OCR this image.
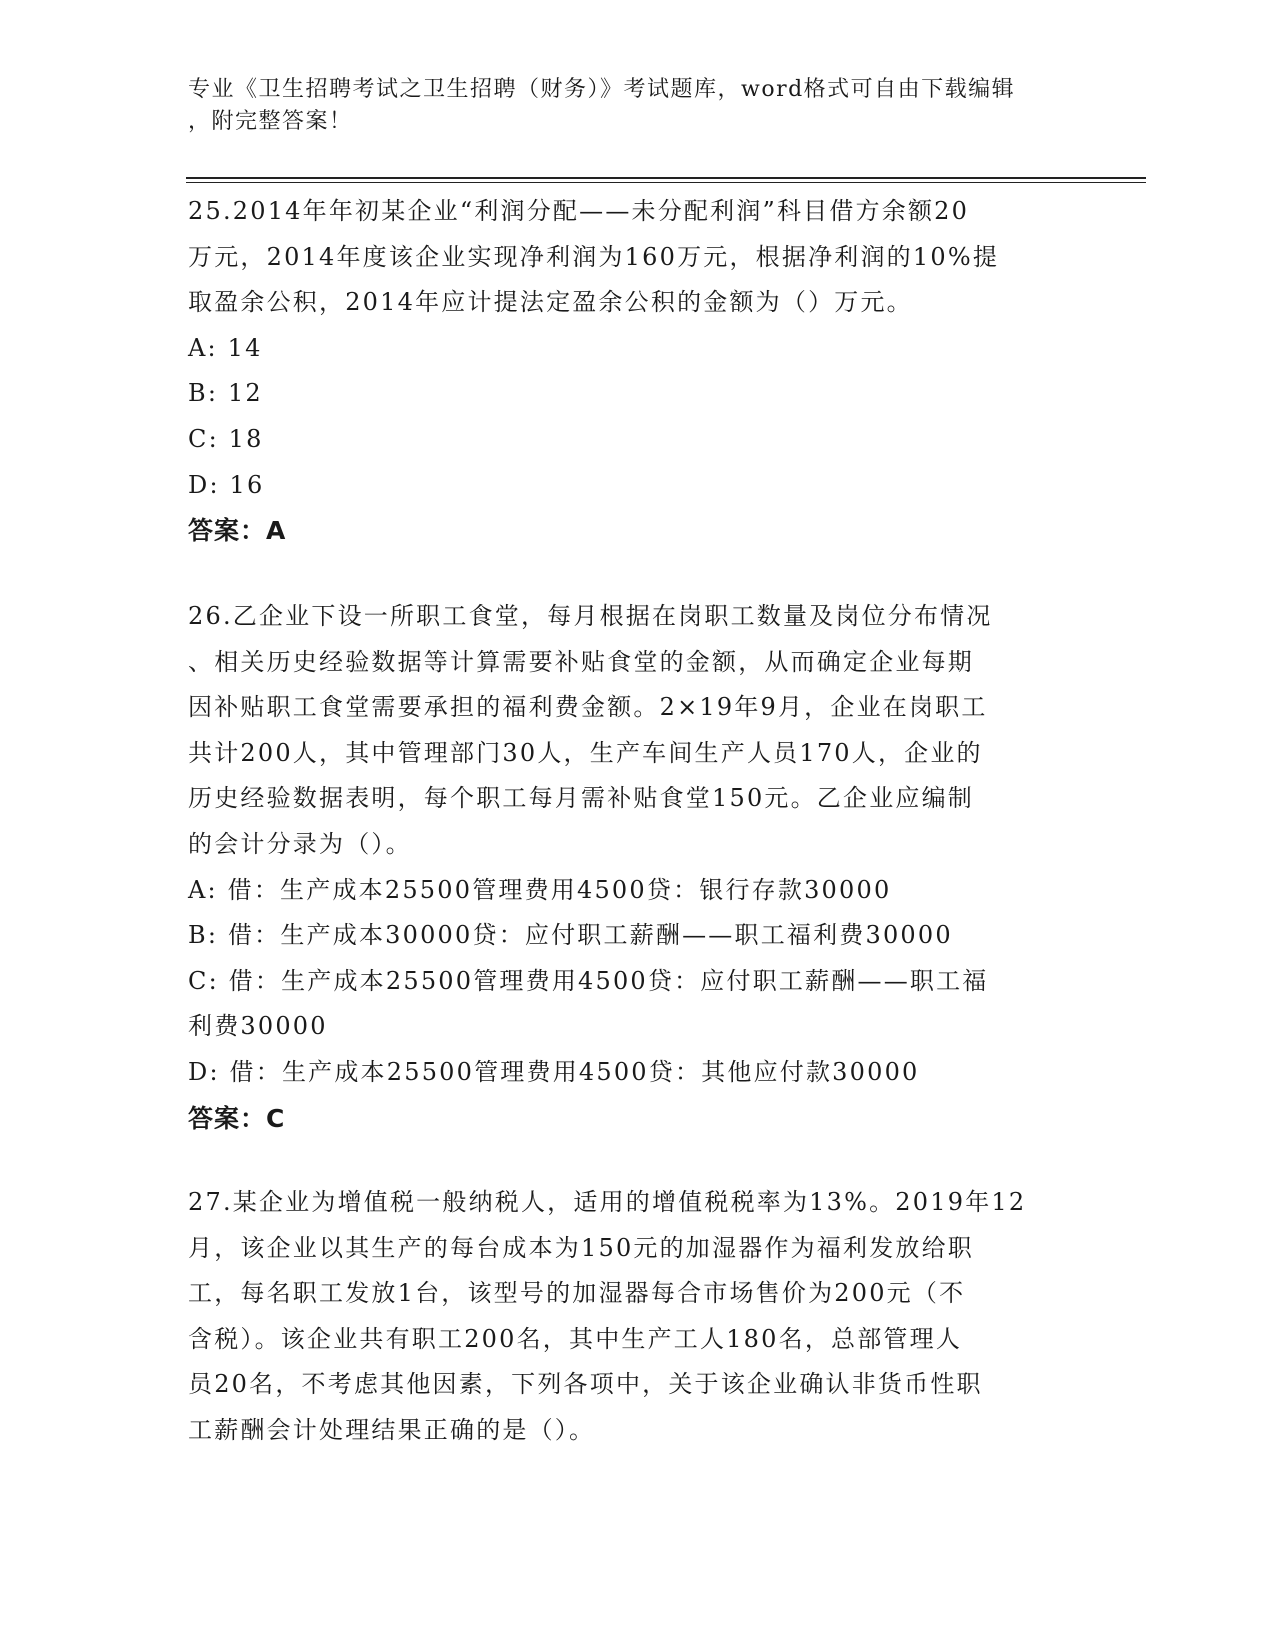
专业《卫生招聘考试之卫生招聘（财务）》考试题库，word格式可自由下载编辑
，附完整答案！

25.2014年年初某企业“利润分配——未分配利润”科目借方余额20

万元，2014年度该企业实现净利润为160万元，根据净利润的10%提

取盈余公积，2014年应计提法定盈余公积的金额为（）万元。

A: 14

B: 12

C: 18

D: 16

答案：A

26.乙企业下设一所职工食堂，每月根据在岗职工数量及岗位分布情况

、相关历史经验数据等计算需要补贴食堂的金额，从而确定企业每期

因补贴职工食堂需要承担的福利费金额。2×19年9月，企业在岗职工

共计200人，其中管理部门30人，生产车间生产人员170人，企业的

历史经验数据表明，每个职工每月需补贴食堂150元。乙企业应编制

的会计分录为（）。

A: 借：生产成本25500管理费用4500贷：银行存款30000

B: 借：生产成本30000贷：应付职工薪酬——职工福利费30000

C: 借：生产成本25500管理费用4500贷：应付职工薪酬——职工福

利费30000

D: 借：生产成本25500管理费用4500贷：其他应付款30000

答案：C

27.某企业为增值税一般纳税人，适用的增值税税率为13%。2019年12

月，该企业以其生产的每台成本为150元的加湿器作为福利发放给职

工，每名职工发放1台，该型号的加湿器每合市场售价为200元（不

含税）。该企业共有职工200名，其中生产工人180名，总部管理人

员20名，不考虑其他因素，下列各项中，关于该企业确认非货币性职

工薪酬会计处理结果正确的是（）。
